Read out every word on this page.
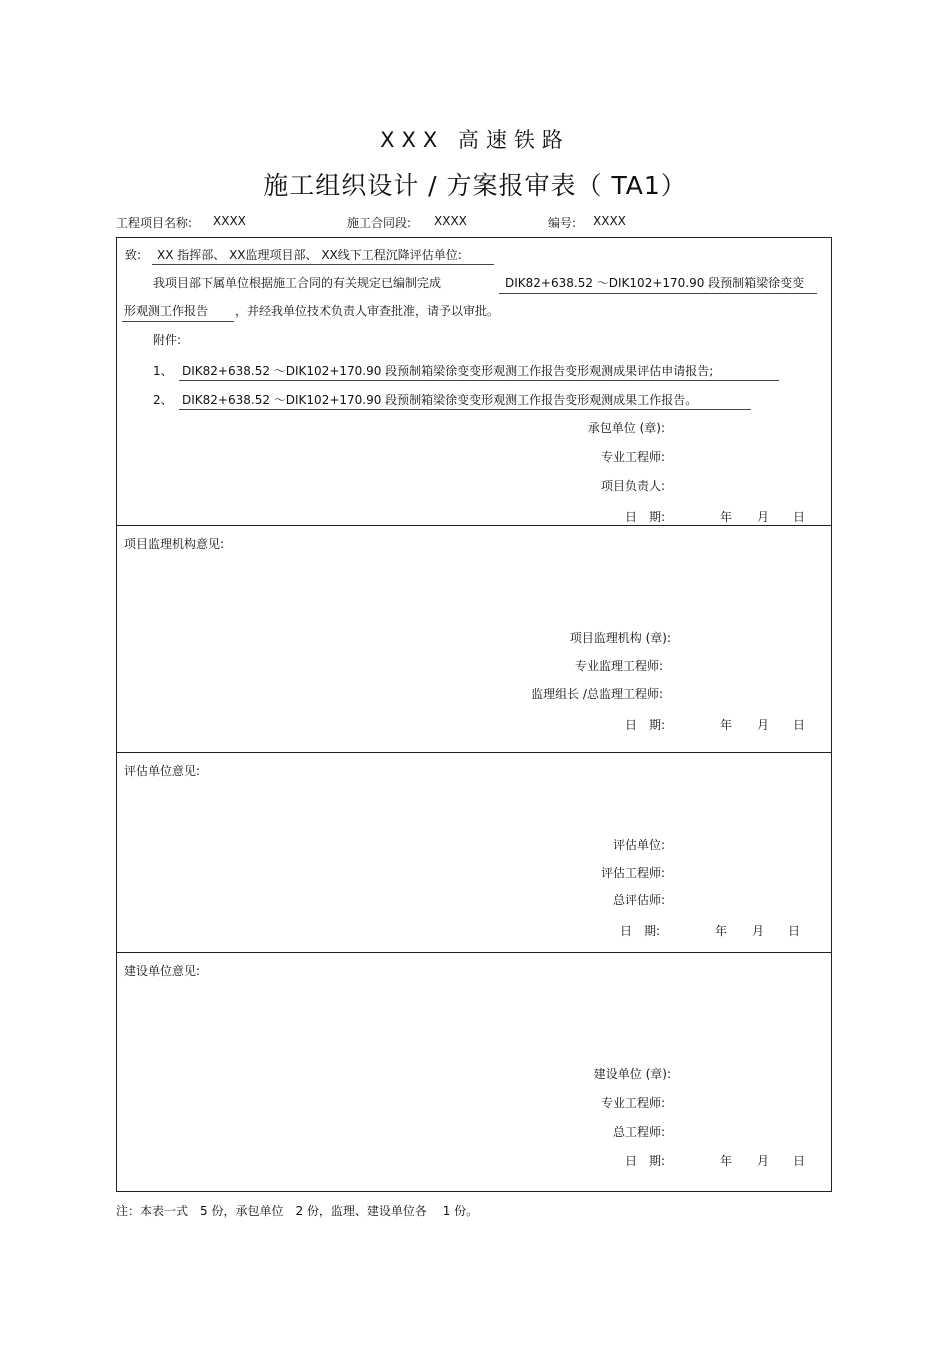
XXX 高速铁路
施工组织设计 / 方案报审表（ TA1）
工程项目名称: XXXX	施工合同段: XXXX	编号: XXXX
致: XX 指挥部、 XX监理项目部、 XX线下工程沉降评估单位:
我项目部下属单位根据施工合同的有关规定已编制完成	DIK82+638.52 ～DIK102+170.90 段预制箱梁徐变变
形观测工作报告 ，并经我单位技术负责人审查批准，请予以审批。
附件:
1、 DIK82+638.52 ～DIK102+170.90 段预制箱梁徐变变形观测工作报告变形观测成果评估申请报告;
2、 DIK82+638.52 ～DIK102+170.90 段预制箱梁徐变变形观测工作报告变形观测成果工作报告。
承包单位 (章):
专业工程师:
项目负责人:
日　期:	年 月 日
项目监理机构意见:
项目监理机构 (章):
专业监理工程师:
监理组长 /总监理工程师:
日　期:	年 月 日
评估单位意见:
评估单位:
评估工程师:
总评估师:
日　期:	年 月 日
建设单位意见:
建设单位 (章):
专业工程师:
总工程师:
日　期:	年 月 日
注：本表一式　5 份，承包单位　2 份，监理、建设单位各　 1 份。
